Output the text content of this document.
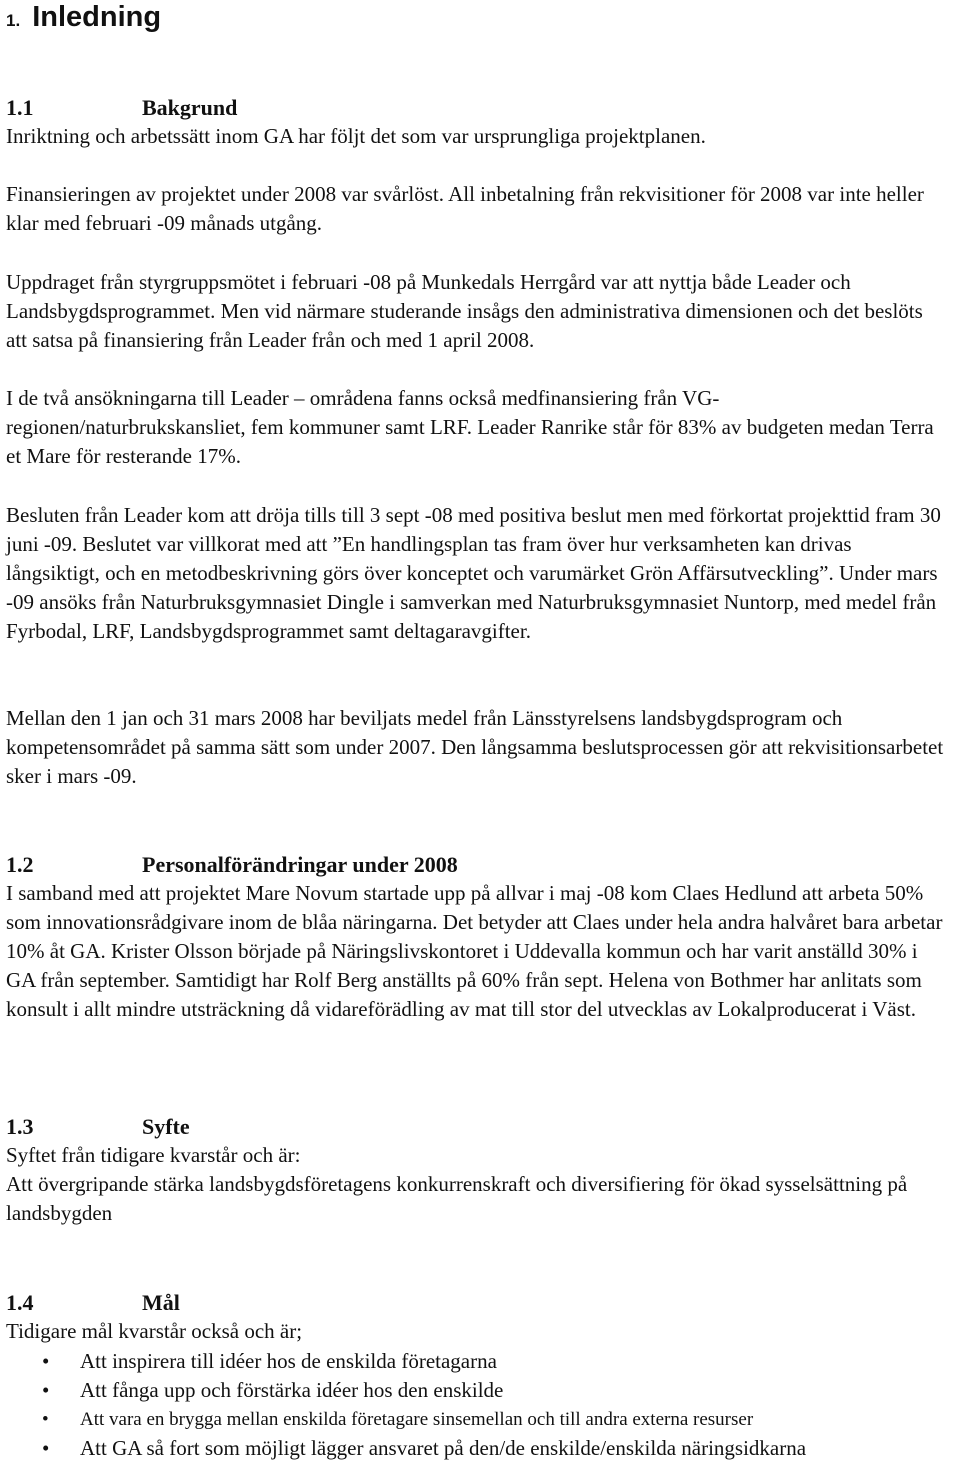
1. Inledning
1.1	Bakgrund

Inriktning och arbetssätt inom GA har följt det som var ursprungliga projektplanen.

Finansieringen av projektet under 2008 var svårlöst. All inbetalning från rekvisitioner för 2008 var inte heller klar med februari -09 månads utgång.

Uppdraget från styrgruppsmötet i februari -08 på Munkedals Herrgård var att nyttja både Leader och Landsbygdsprogrammet. Men vid närmare studerande insågs den administrativa dimensionen och det beslöts att satsa på finansiering från Leader från och med 1 april 2008.

I de två ansökningarna till Leader – områdena fanns också medfinansiering från VG-regionen/naturbrukskansliet, fem kommuner samt LRF. Leader Ranrike står för 83% av budgeten medan Terra et Mare för resterande 17%.

Besluten från Leader kom att dröja tills till 3 sept -08 med positiva beslut men med förkortat projekttid fram 30 juni -09. Beslutet var villkorat med att ”En handlingsplan tas fram över hur verksamheten kan drivas långsiktigt, och en metodbeskrivning görs över konceptet och varumärket Grön Affärsutveckling”. Under mars -09 ansöks från Naturbruksgymnasiet Dingle i samverkan med Naturbruksgymnasiet Nuntorp, med medel från Fyrbodal, LRF, Landsbygdsprogrammet samt deltagaravgifter.

Mellan den 1 jan och 31 mars 2008 har beviljats medel från Länsstyrelsens landsbygdsprogram och kompetensområdet på samma sätt som under 2007. Den långsamma beslutsprocessen gör att rekvisitionsarbetet sker i mars -09.

1.2	Personalförändringar under 2008

I samband med att projektet Mare Novum startade upp på allvar i maj -08 kom Claes Hedlund att arbeta 50% som innovationsrådgivare inom de blåa näringarna. Det betyder att Claes under hela andra halvåret bara arbetar 10% åt GA. Krister Olsson började på Näringslivskontoret i Uddevalla kommun och har varit anställd 30% i GA från september. Samtidigt har Rolf Berg anställts på 60% från sept. Helena von Bothmer har anlitats som konsult i allt mindre utsträckning då vidareförädling av mat till stor del utvecklas av Lokalproducerat i Väst.

1.3	Syfte

Syftet från tidigare kvarstår och är:

Att övergripande stärka landsbygdsföretagens konkurrenskraft och diversifiering för ökad sysselsättning på landsbygden

1.4	Mål

Tidigare mål kvarstår också och är;

• Att inspirera till idéer hos de enskilda företagarna
• Att fånga upp och förstärka idéer hos den enskilde
• Att vara en brygga mellan enskilda företagare sinsemellan och till andra externa resurser
• Att GA så fort som möjligt lägger ansvaret på den/de enskilde/enskilda näringsidkarna
